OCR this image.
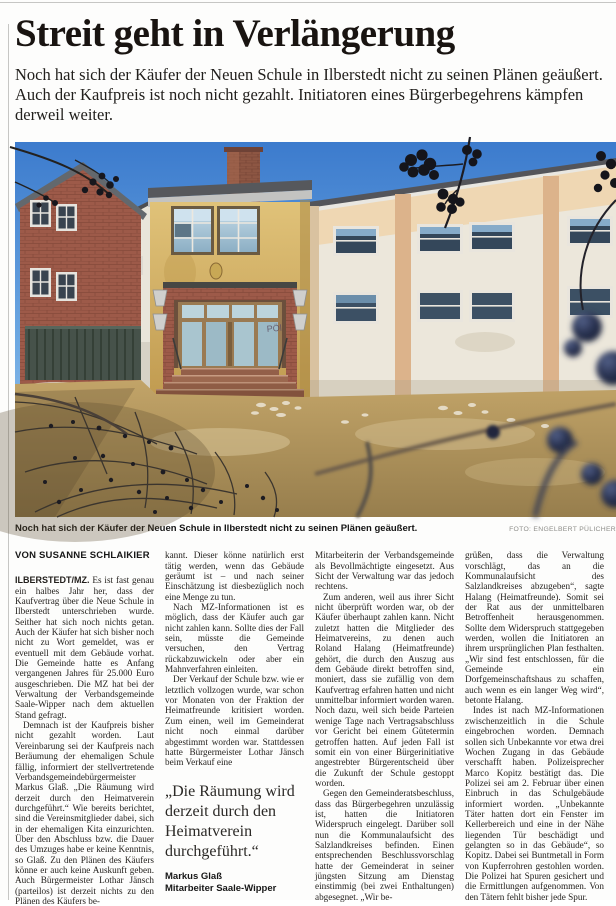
Streit geht in Verlängerung

Noch hat sich der Käufer der Neuen Schule in Ilberstedt nicht zu seinen Plänen geäußert. Auch der Kaufpreis ist noch nicht gezahlt. Initiatoren eines Bürgerbegehrens kämpfen derweil weiter.

PÖl
Noch hat sich der Käufer der Neuen Schule in Ilberstedt nicht zu seinen Plänen geäußert.	FOTO: ENGELBERT PÜLICHER
VON SUSANNE SCHLAIKIER

ILBERSTEDT/MZ. Es ist fast genau ein halbes Jahr her, dass der Kaufvertrag über die Neue Schule in Ilberstedt unterschrieben wurde. Seither hat sich noch nichts getan. Auch der Käufer hat sich bisher noch nicht zu Wort gemeldet, was er eventuell mit dem Gebäude vorhat. Die Gemeinde hatte es Anfang vergangenen Jahres für 25.000 Euro ausgeschrieben. Die MZ hat bei der Verwaltung der Verbandsgemeinde Saale-Wipper nach dem aktuellen Stand gefragt.

Demnach ist der Kaufpreis bisher nicht gezahlt worden. Laut Vereinbarung sei der Kaufpreis nach Beräumung der ehemaligen Schule fällig, informiert der stellvertretende Verbandsgemeindebürgermeister Markus Glaß. „Die Räumung wird derzeit durch den Heimatverein durchgeführt.“ Wie bereits berichtet, sind die Vereinsmitglieder dabei, sich in der ehemaligen Kita einzurichten. Über den Abschluss bzw. die Dauer des Umzuges habe er keine Kenntnis, so Glaß. Zu den Plänen des Käufers könne er auch keine Auskunft geben. Auch Bürgermeister Lothar Jänsch (parteilos) ist derzeit nichts zu den Plänen des Käufers be-

kannt. Dieser könne natürlich erst tätig werden, wenn das Gebäude geräumt ist – und nach seiner Einschätzung ist diesbezüglich noch eine Menge zu tun.

Nach MZ-Informationen ist es möglich, dass der Käufer auch gar nicht zahlen kann. Sollte dies der Fall sein, müsste die Gemeinde versuchen, den Vertrag rückabzuwickeln oder aber ein Mahnverfahren einleiten.

Der Verkauf der Schule bzw. wie er letztlich vollzogen wurde, war schon vor Monaten von der Fraktion der Heimatfreunde kritisiert worden. Zum einen, weil im Gemeinderat nicht noch einmal darüber abgestimmt worden war. Stattdessen hatte Bürgermeister Lothar Jänsch beim Verkauf eine

„Die Räumung wird derzeit durch den Heimatverein durchgeführt.“
Markus Glaß
Mitarbeiter Saale-Wipper

Mitarbeiterin der Verbandsgemeinde als Bevollmächtigte eingesetzt. Aus Sicht der Verwaltung war das jedoch rechtens.

Zum anderen, weil aus ihrer Sicht nicht überprüft worden war, ob der Käufer überhaupt zahlen kann. Nicht zuletzt hatten die Mitglieder des Heimatvereins, zu denen auch Roland Halang (Heimatfreunde) gehört, die durch den Auszug aus dem Gebäude direkt betroffen sind, moniert, dass sie zufällig von dem Kaufvertrag erfahren hatten und nicht unmittelbar informiert worden waren. Noch dazu, weil sich beide Parteien wenige Tage nach Vertragsabschluss vor Gericht bei einem Gütetermin getroffen hatten. Auf jeden Fall ist somit ein von einer Bürgerinitiative angestrebter Bürgerentscheid über die Zukunft der Schule gestoppt worden.

Gegen den Gemeinderatsbeschluss, dass das Bürgerbegehren unzulässig ist, hatten die Initiatoren Widerspruch eingelegt. Darüber soll nun die Kommunalaufsicht des Salzlandkreises befinden. Einen entsprechenden Beschlussvorschlag hatte der Gemeinderat in seiner jüngsten Sitzung am Dienstag einstimmig (bei zwei Enthaltungen) abgesegnet. „Wir be-

grüßen, dass die Verwaltung vorschlägt, das an die Kommunalaufsicht des Salzlandkreises abzugeben“, sagte Halang (Heimatfreunde). Somit sei der Rat aus der unmittelbaren Betroffenheit herausgenommen. Sollte dem Widerspruch stattgegeben werden, wollen die Initiatoren an ihrem ursprünglichen Plan festhalten. „Wir sind fest entschlossen, für die Gemeinde ein Dorfgemeinschaftshaus zu schaffen, auch wenn es ein langer Weg wird“, betonte Halang.

Indes ist nach MZ-Informationen zwischenzeitlich in die Schule eingebrochen worden. Demnach sollen sich Unbekannte vor etwa drei Wochen Zugang in das Gebäude verschafft haben. Polizeisprecher Marco Kopitz bestätigt das. Die Polizei sei am 2. Februar über einen Einbruch in das Schulgebäude informiert worden. „Unbekannte Täter hatten dort ein Fenster im Kellerbereich und eine in der Nähe liegenden Tür beschädigt und gelangten so in das Gebäude“, so Kopitz. Dabei sei Buntmetall in Form von Kupferrohren gestohlen worden. Die Polizei hat Spuren gesichert und die Ermittlungen aufgenommen. Von den Tätern fehlt bisher jede Spur.
